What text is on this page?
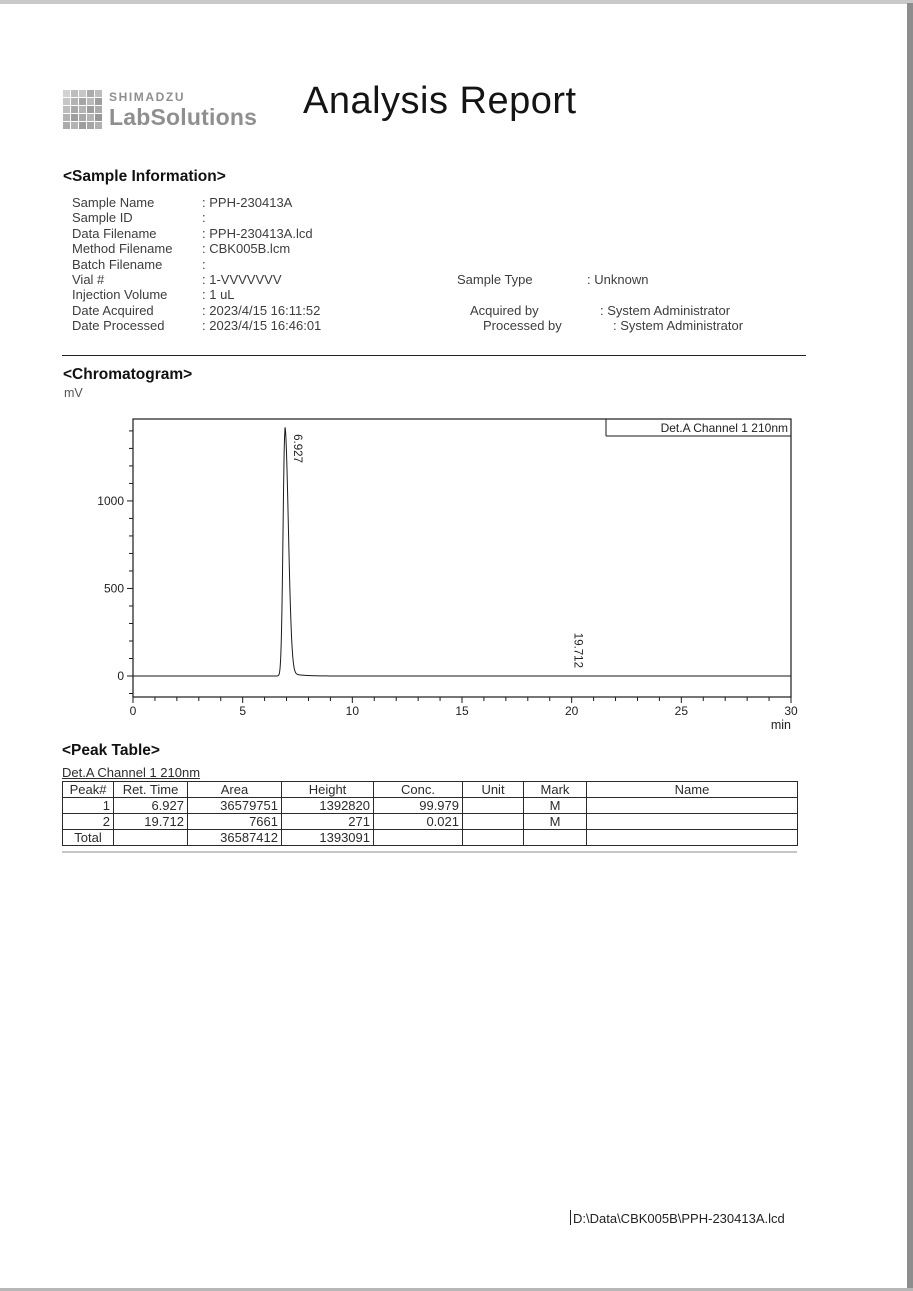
SHIMADZU
LabSolutions Analysis Report
<Sample Information>
Sample Name	: PPH-230413A
Sample ID:
Data Filename	: PPH-230413A.lcd
Method Filename	: CBK005B.lcm
Batch Filename:
Vial #	: 1-VVVVVVV
Injection Volume	: 1 uL
Date Acquired	: 2023/4/15 16:11:52
Date Processed	: 2023/4/15 16:46:01
Sample Type	: Unknown
Acquired by	: System Administrator
Processed by	: System Administrator
<Chromatogram>
mV
0	5	10	15	20	25	30
0
500
1000
min
Det.A Channel 1 210nm
6.927
19.712
<Peak Table>
Det.A Channel 1 210nm
Peak#	Ret. Time	Area	Height	Conc.	Unit	Mark	Name
1	6.927	36579751	1392820	99.979		M	
2	19.712	7661	271	0.021		M	
Total		36587412	1393091				
D:\Data\CBK005B\PPH-230413A.lcd
